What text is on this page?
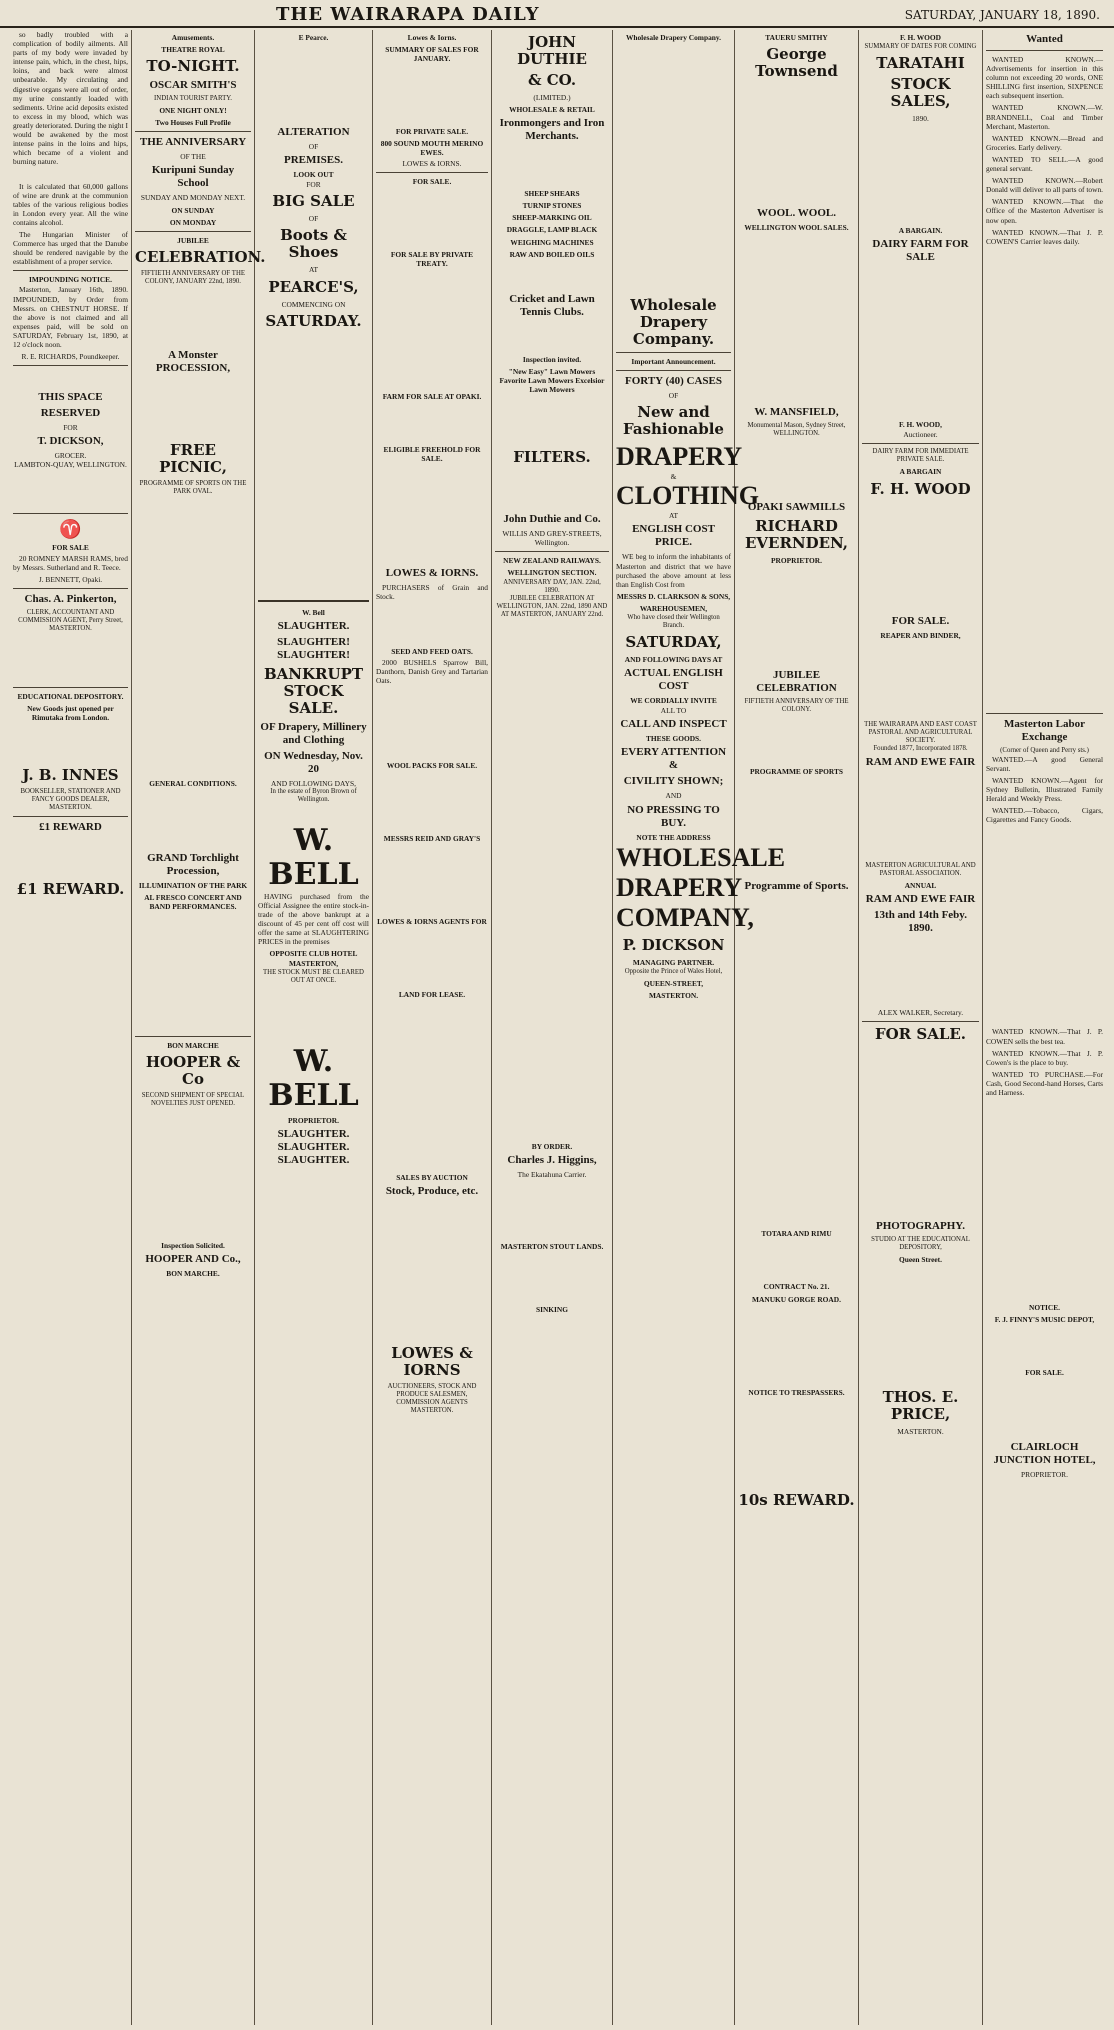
THE WAIRARAPA DAILY	SATURDAY, JANUARY 18, 1890.

so badly troubled with a complication of bodily ailments. All parts of my body were invaded by intense pain, which, in the chest, hips, loins, and back were almost unbearable. My circulating and digestive organs were all out of order, my urine constantly loaded with sediments. Urine acid deposits existed to excess in my blood, which was greatly deteriorated. During the night I would be awakened by the most intense pains in the loins and hips, which became of a violent and burning nature.

It is calculated that 60,000 gallons of wine are drunk at the communion tables of the various religious bodies in London every year. All the wine contains alcohol.

The Hungarian Minister of Commerce has urged that the Danube should be rendered navigable by the establishment of a proper service.

IMPOUNDING NOTICE.

Masterton, January 16th, 1890. IMPOUNDED, by Order from Messrs. on CHESTNUT HORSE. If the above is not claimed and all expenses paid, will be sold on SATURDAY, February 1st, 1890, at 12 o'clock noon.

R. E. RICHARDS, Poundkeeper.
THIS SPACE
RESERVED
FOR
T. DICKSON,
GROCER.
LAMBTON-QUAY, WELLINGTON.
♈
FOR SALE

20 ROMNEY MARSH RAMS, bred by Messrs. Sutherland and R. Teece.

J. BENNETT, Opaki.
Chas. A. Pinkerton,
CLERK, ACCOUNTANT AND COMMISSION AGENT, Perry Street, MASTERTON.
EDUCATIONAL DEPOSITORY.
New Goods just opened per Rimutaka from London.
J. B. INNES
BOOKSELLER, STATIONER AND FANCY GOODS DEALER, MASTERTON.
£1 REWARD
£1 REWARD.
Amusements.
THEATRE ROYAL
TO-NIGHT.
OSCAR SMITH'S
INDIAN TOURIST PARTY.
ONE NIGHT ONLY!
Two Houses Full Profile
THE ANNIVERSARY
OF THE
Kuripuni Sunday School
SUNDAY AND MONDAY NEXT.
ON SUNDAY
ON MONDAY
JUBILEE
CELEBRATION.
FIFTIETH ANNIVERSARY OF THE COLONY, JANUARY 22nd, 1890.
A Monster PROCESSION,
FREE PICNIC,
PROGRAMME OF SPORTS ON THE PARK OVAL.
GENERAL CONDITIONS.
GRAND Torchlight Procession,
ILLUMINATION OF THE PARK
AL FRESCO CONCERT AND BAND PERFORMANCES.
BON MARCHE
HOOPER & Co
SECOND SHIPMENT OF SPECIAL NOVELTIES JUST OPENED.
Inspection Solicited.
HOOPER AND Co.,
BON MARCHE.
E Pearce.
ALTERATION
OF
PREMISES.
LOOK OUT
FOR
BIG SALE
OF
Boots & Shoes
AT
PEARCE'S,
COMMENCING ON
SATURDAY.
W. Bell
SLAUGHTER.
SLAUGHTER! SLAUGHTER!
BANKRUPT STOCK SALE.
OF Drapery, Millinery and Clothing
ON Wednesday, Nov. 20
AND FOLLOWING DAYS,
In the estate of Byron Brown of Wellington.
W. BELL

HAVING purchased from the Official Assignee the entire stock-in-trade of the above bankrupt at a discount of 45 per cent off cost will offer the same at SLAUGHTERING PRICES in the premises

OPPOSITE CLUB HOTEL MASTERTON,
THE STOCK MUST BE CLEARED OUT AT ONCE.
W. BELL
PROPRIETOR.
SLAUGHTER. SLAUGHTER. SLAUGHTER.
Lowes & Iorns.
SUMMARY OF SALES FOR JANUARY.
FOR PRIVATE SALE.
800 SOUND MOUTH MERINO EWES.
LOWES & IORNS.
FOR SALE.
FOR SALE BY PRIVATE TREATY.
FARM FOR SALE AT OPAKI.
ELIGIBLE FREEHOLD FOR SALE.
LOWES & IORNS.

PURCHASERS of Grain and Stock.

SEED AND FEED OATS.

2000 BUSHELS Sparrow Bill, Danthorn, Danish Grey and Tartarian Oats.

WOOL PACKS FOR SALE.
MESSRS REID AND GRAY'S
LOWES & IORNS AGENTS FOR
LAND FOR LEASE.
SALES BY AUCTION
Stock, Produce, etc.
LOWES & IORNS
AUCTIONEERS, STOCK AND PRODUCE SALESMEN, COMMISSION AGENTS MASTERTON.
JOHN DUTHIE
& CO.
(LIMITED.)
WHOLESALE & RETAIL
Ironmongers and Iron Merchants.
SHEEP SHEARS
TURNIP STONES
SHEEP-MARKING OIL
DRAGGLE, LAMP BLACK
WEIGHING MACHINES
RAW AND BOILED OILS
Cricket and Lawn Tennis Clubs.
Inspection invited.
"New Easy" Lawn Mowers Favorite Lawn Mowers Excelsior Lawn Mowers
FILTERS.
John Duthie and Co.
WILLIS AND GREY-STREETS, Wellington.
NEW ZEALAND RAILWAYS.
WELLINGTON SECTION.
ANNIVERSARY DAY, JAN. 22nd, 1890.
JUBILEE CELEBRATION AT WELLINGTON, JAN. 22nd, 1890 AND AT MASTERTON, JANUARY 22nd.
BY ORDER.
Charles J. Higgins,
The Ekatahuna Carrier.
MASTERTON STOUT LANDS.
SINKING
Wholesale Drapery Company.
Wholesale Drapery Company.
Important Announcement.
FORTY (40) CASES
OF
New and Fashionable
DRAPERY
&
CLOTHING
AT
ENGLISH COST PRICE.

WE beg to inform the inhabitants of Masterton and district that we have purchased the above amount at less than English Cost from

MESSRS D. CLARKSON & SONS,
WAREHOUSEMEN,
Who have closed their Wellington Branch.
SATURDAY,
AND FOLLOWING DAYS AT
ACTUAL ENGLISH COST
WE CORDIALLY INVITE
ALL TO
CALL AND INSPECT
THESE GOODS.
EVERY ATTENTION &
CIVILITY SHOWN;
AND
NO PRESSING TO BUY.
NOTE THE ADDRESS
WHOLESALE
DRAPERY
COMPANY,
P. DICKSON
MANAGING PARTNER.
Opposite the Prince of Wales Hotel,
QUEEN-STREET,
MASTERTON.
TAUERU SMITHY
George Townsend
WOOL. WOOL.
WELLINGTON WOOL SALES.
W. MANSFIELD,
Monumental Mason, Sydney Street, WELLINGTON.
OPAKI SAWMILLS
RICHARD EVERNDEN,
PROPRIETOR.
JUBILEE CELEBRATION
FIFTIETH ANNIVERSARY OF THE COLONY.
PROGRAMME OF SPORTS
Programme of Sports.
TOTARA AND RIMU
CONTRACT No. 21.
MANUKU GORGE ROAD.
NOTICE TO TRESPASSERS.
10s REWARD.
F. H. WOOD
SUMMARY OF DATES FOR COMING
TARATAHI
STOCK SALES,
1890.
A BARGAIN.
DAIRY FARM FOR SALE
F. H. WOOD,
Auctioneer.
DAIRY FARM FOR IMMEDIATE PRIVATE SALE.
A BARGAIN
F. H. WOOD
FOR SALE.
REAPER AND BINDER,
THE WAIRARAPA AND EAST COAST PASTORAL AND AGRICULTURAL SOCIETY.
Founded 1877, Incorporated 1878.
RAM AND EWE FAIR
MASTERTON AGRICULTURAL AND PASTORAL ASSOCIATION.
ANNUAL
RAM AND EWE FAIR
13th and 14th Feby. 1890.
ALEX WALKER, Secretary.
FOR SALE.
PHOTOGRAPHY.
STUDIO AT THE EDUCATIONAL DEPOSITORY,
Queen Street.
THOS. E. PRICE,
MASTERTON.
Wanted

WANTED KNOWN.—Advertisements for insertion in this column not exceeding 20 words, ONE SHILLING first insertion, SIXPENCE each subsequent insertion.

WANTED KNOWN.—W. BRANDNELL, Coal and Timber Merchant, Masterton.

WANTED KNOWN.—Bread and Groceries. Early delivery.

WANTED TO SELL.—A good general servant.

WANTED KNOWN.—Robert Donald will deliver to all parts of town.

WANTED KNOWN.—That the Office of the Masterton Advertiser is now open.

WANTED KNOWN.—That J. P. COWEN'S Carrier leaves daily.

Masterton Labor Exchange
(Corner of Queen and Perry sts.)

WANTED.—A good General Servant.

WANTED KNOWN.—Agent for Sydney Bulletin, Illustrated Family Herald and Weekly Press.

WANTED.—Tobacco, Cigars, Cigarettes and Fancy Goods.

WANTED KNOWN.—That J. P. COWEN sells the best tea.

WANTED KNOWN.—That J. P. Cowen's is the place to buy.

WANTED TO PURCHASE.—For Cash, Good Second-hand Horses, Carts and Harness.

NOTICE.
F. J. FINNY'S MUSIC DEPOT,
FOR SALE.
CLAIRLOCH JUNCTION HOTEL,
PROPRIETOR.
